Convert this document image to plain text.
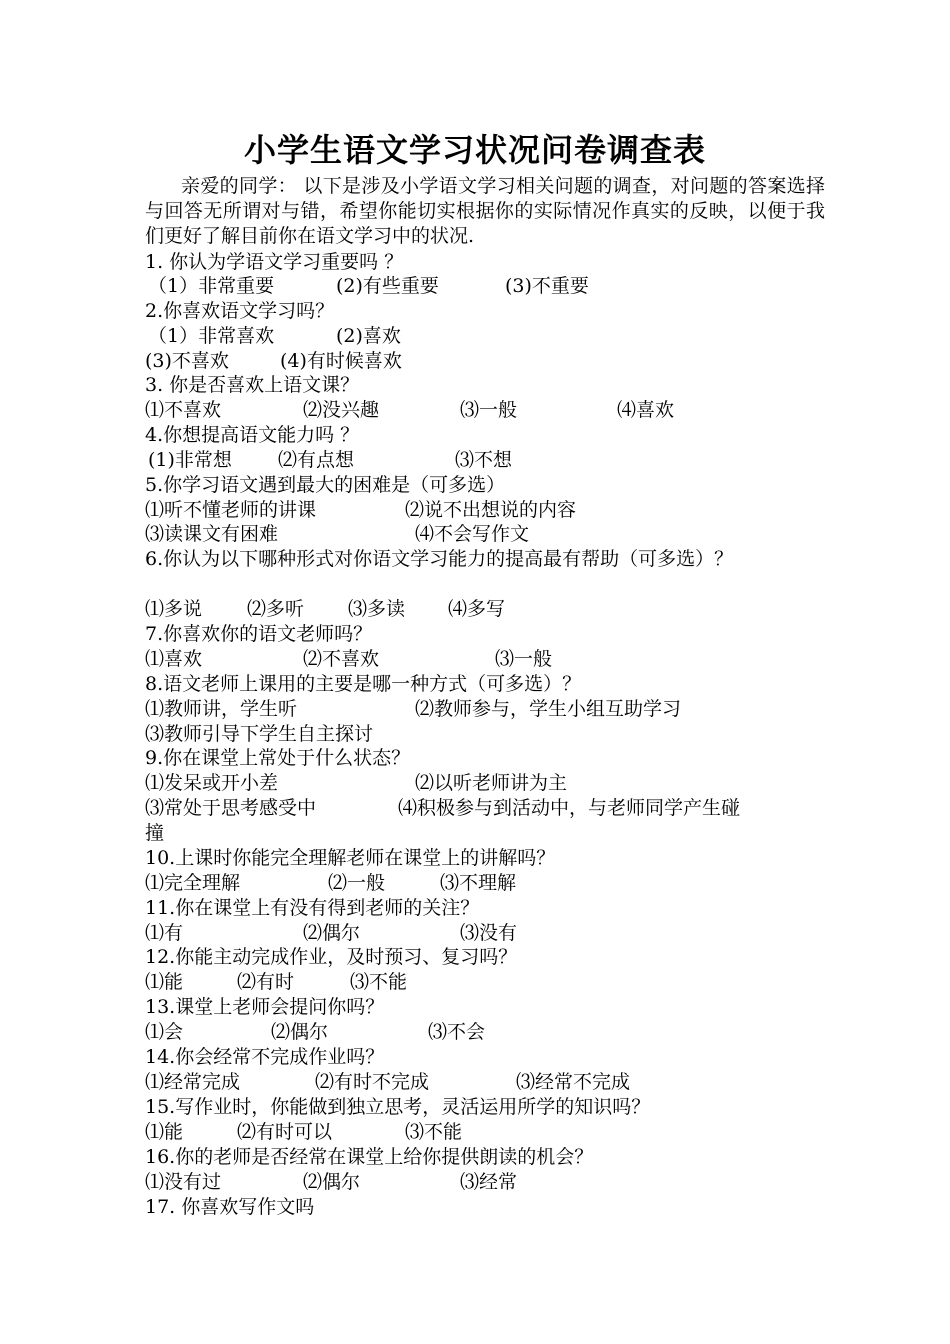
小学生语文学习状况问卷调查表
亲爱的同学： 以下是涉及小学语文学习相关问题的调查，对问题的答案选择与回答无所谓对与错，希望你能切实根据你的实际情况作真实的反映，以便于我们更好了解目前你在语文学习中的状况.
1. 你认为学语文学习重要吗 ？
（1）非常重要	(2)有些重要	(3)不重要
2.你喜欢语文学习吗？
（1）非常喜欢	(2)喜欢
(3)不喜欢	(4)有时候喜欢
3. 你是否喜欢上语文课？
⑴不喜欢	⑵没兴趣	⑶一般	⑷喜欢
4.你想提高语文能力吗 ？
(1)非常想 ⑵有点想	⑶不想
5.你学习语文遇到最大的困难是（可多选）
⑴听不懂老师的讲课	⑵说不出想说的内容
⑶读课文有困难	⑷不会写作文
6.你认为以下哪种形式对你语文学习能力的提高最有帮助（可多选）？
⑴多说 ⑵多听 ⑶多读 ⑷多写
7.你喜欢你的语文老师吗？
⑴喜欢	⑵不喜欢	⑶一般
8.语文老师上课用的主要是哪一种方式（可多选）？
⑴教师讲，学生听	⑵教师参与，学生小组互助学习
⑶教师引导下学生自主探讨
9.你在课堂上常处于什么状态？
⑴发呆或开小差	⑵以听老师讲为主
⑶常处于思考感受中	⑷积极参与到活动中，与老师同学产生碰
撞
10.上课时你能完全理解老师在课堂上的讲解吗？
⑴完全理解	⑵一般	⑶不理解
11.你在课堂上有没有得到老师的关注？
⑴有	⑵偶尔	⑶没有
12.你能主动完成作业，及时预习、复习吗？
⑴能	⑵有时	⑶不能
13.课堂上老师会提问你吗？
⑴会	⑵偶尔	⑶不会
14.你会经常不完成作业吗？
⑴经常完成	⑵有时不完成	⑶经常不完成
15.写作业时，你能做到独立思考，灵活运用所学的知识吗？
⑴能	⑵有时可以	⑶不能
16.你的老师是否经常在课堂上给你提供朗读的机会？
⑴没有过	⑵偶尔	⑶经常
17. 你喜欢写作文吗
